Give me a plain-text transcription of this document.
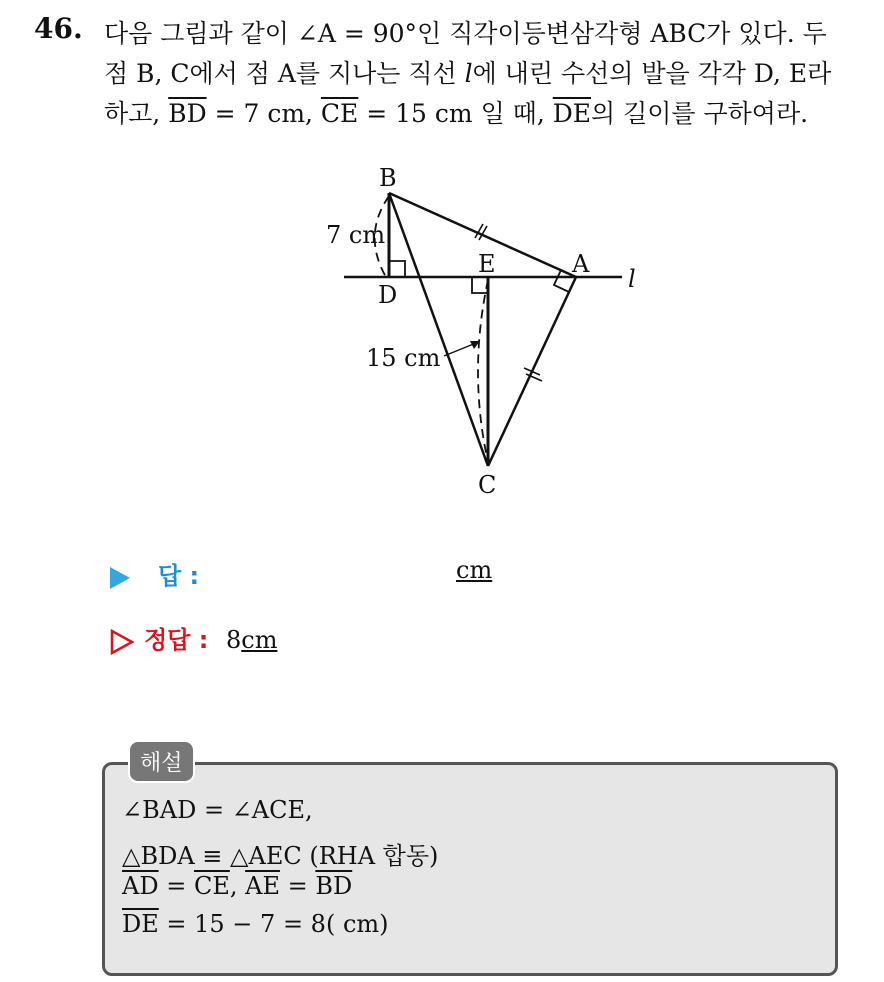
46. 다음 그림과 같이 ∠A = 90°인 직각이등변삼각형 ABC가 있다. 두
점 B, C에서 점 A를 지나는 직선 l에 내린 수선의 발을 각각 D, E라
하고, $\overline{BD} = 7$ cm, $\overline{CE} = 15$ cm 일 때, $\overline{DE}$의 길이를 구하여라.
B
D
E	A
C
l
7 cm
15 cm
답 :	cm
정답 : 8cm
해설
∠BAD = ∠ACE,
△BDA ≡ △AEC (RHA 합동)
$\overline{AD} = \overline{CE}$, $\overline{AE} = \overline{BD}$
$\overline{DE} = 15 - 7 = 8$( cm)
